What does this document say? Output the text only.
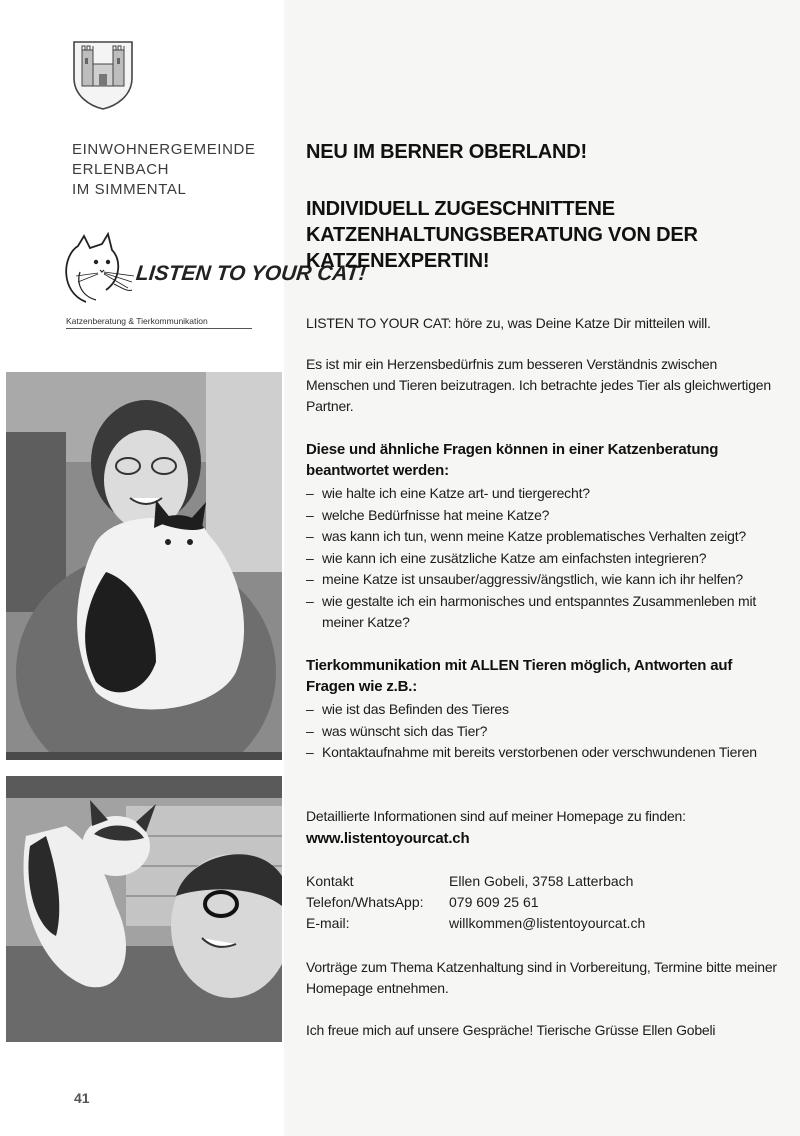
EINWOHNERGEMEINDE
ERLENBACH
IM SIMMENTAL
LISTEN TO YOUR CAT!
Katzenberatung & Tierkommunikation
41
NEU IM BERNER OBERLAND!
INDIVIDUELL ZUGESCHNITTENE KATZENHALTUNGSBERATUNG VON DER KATZENEXPERTIN!
LISTEN TO YOUR CAT: höre zu, was Deine Katze Dir mitteilen will.
Es ist mir ein Herzensbedürfnis zum besseren Verständnis zwischen Menschen und Tieren beizutragen. Ich betrachte jedes Tier als gleichwertigen Partner.
Diese und ähnliche Fragen können in einer Katzenberatung beantwortet werden:
– wie halte ich eine Katze art- und tiergerecht?
– welche Bedürfnisse hat meine Katze?
– was kann ich tun, wenn meine Katze problematisches Verhalten zeigt?
– wie kann ich eine zusätzliche Katze am einfachsten integrieren?
– meine Katze ist unsauber/aggressiv/ängstlich, wie kann ich ihr helfen?
– wie gestalte ich ein harmonisches und entspanntes Zusammenleben mit meiner Katze?
Tierkommunikation mit ALLEN Tieren möglich, Antworten auf Fragen wie z.B.:
– wie ist das Befinden des Tieres
– was wünscht sich das Tier?
– Kontaktaufnahme mit bereits verstorbenen oder verschwundenen Tieren
Detaillierte Informationen sind auf meiner Homepage zu finden:
www.listentoyourcat.ch
Kontakt	Ellen Gobeli, 3758 Latterbach
Telefon/WhatsApp: 079 609 25 61
E-mail:	willkommen@listentoyourcat.ch
Vorträge zum Thema Katzenhaltung sind in Vorbereitung, Termine bitte meiner Homepage entnehmen.
Ich freue mich auf unsere Gespräche! Tierische Grüsse Ellen Gobeli
